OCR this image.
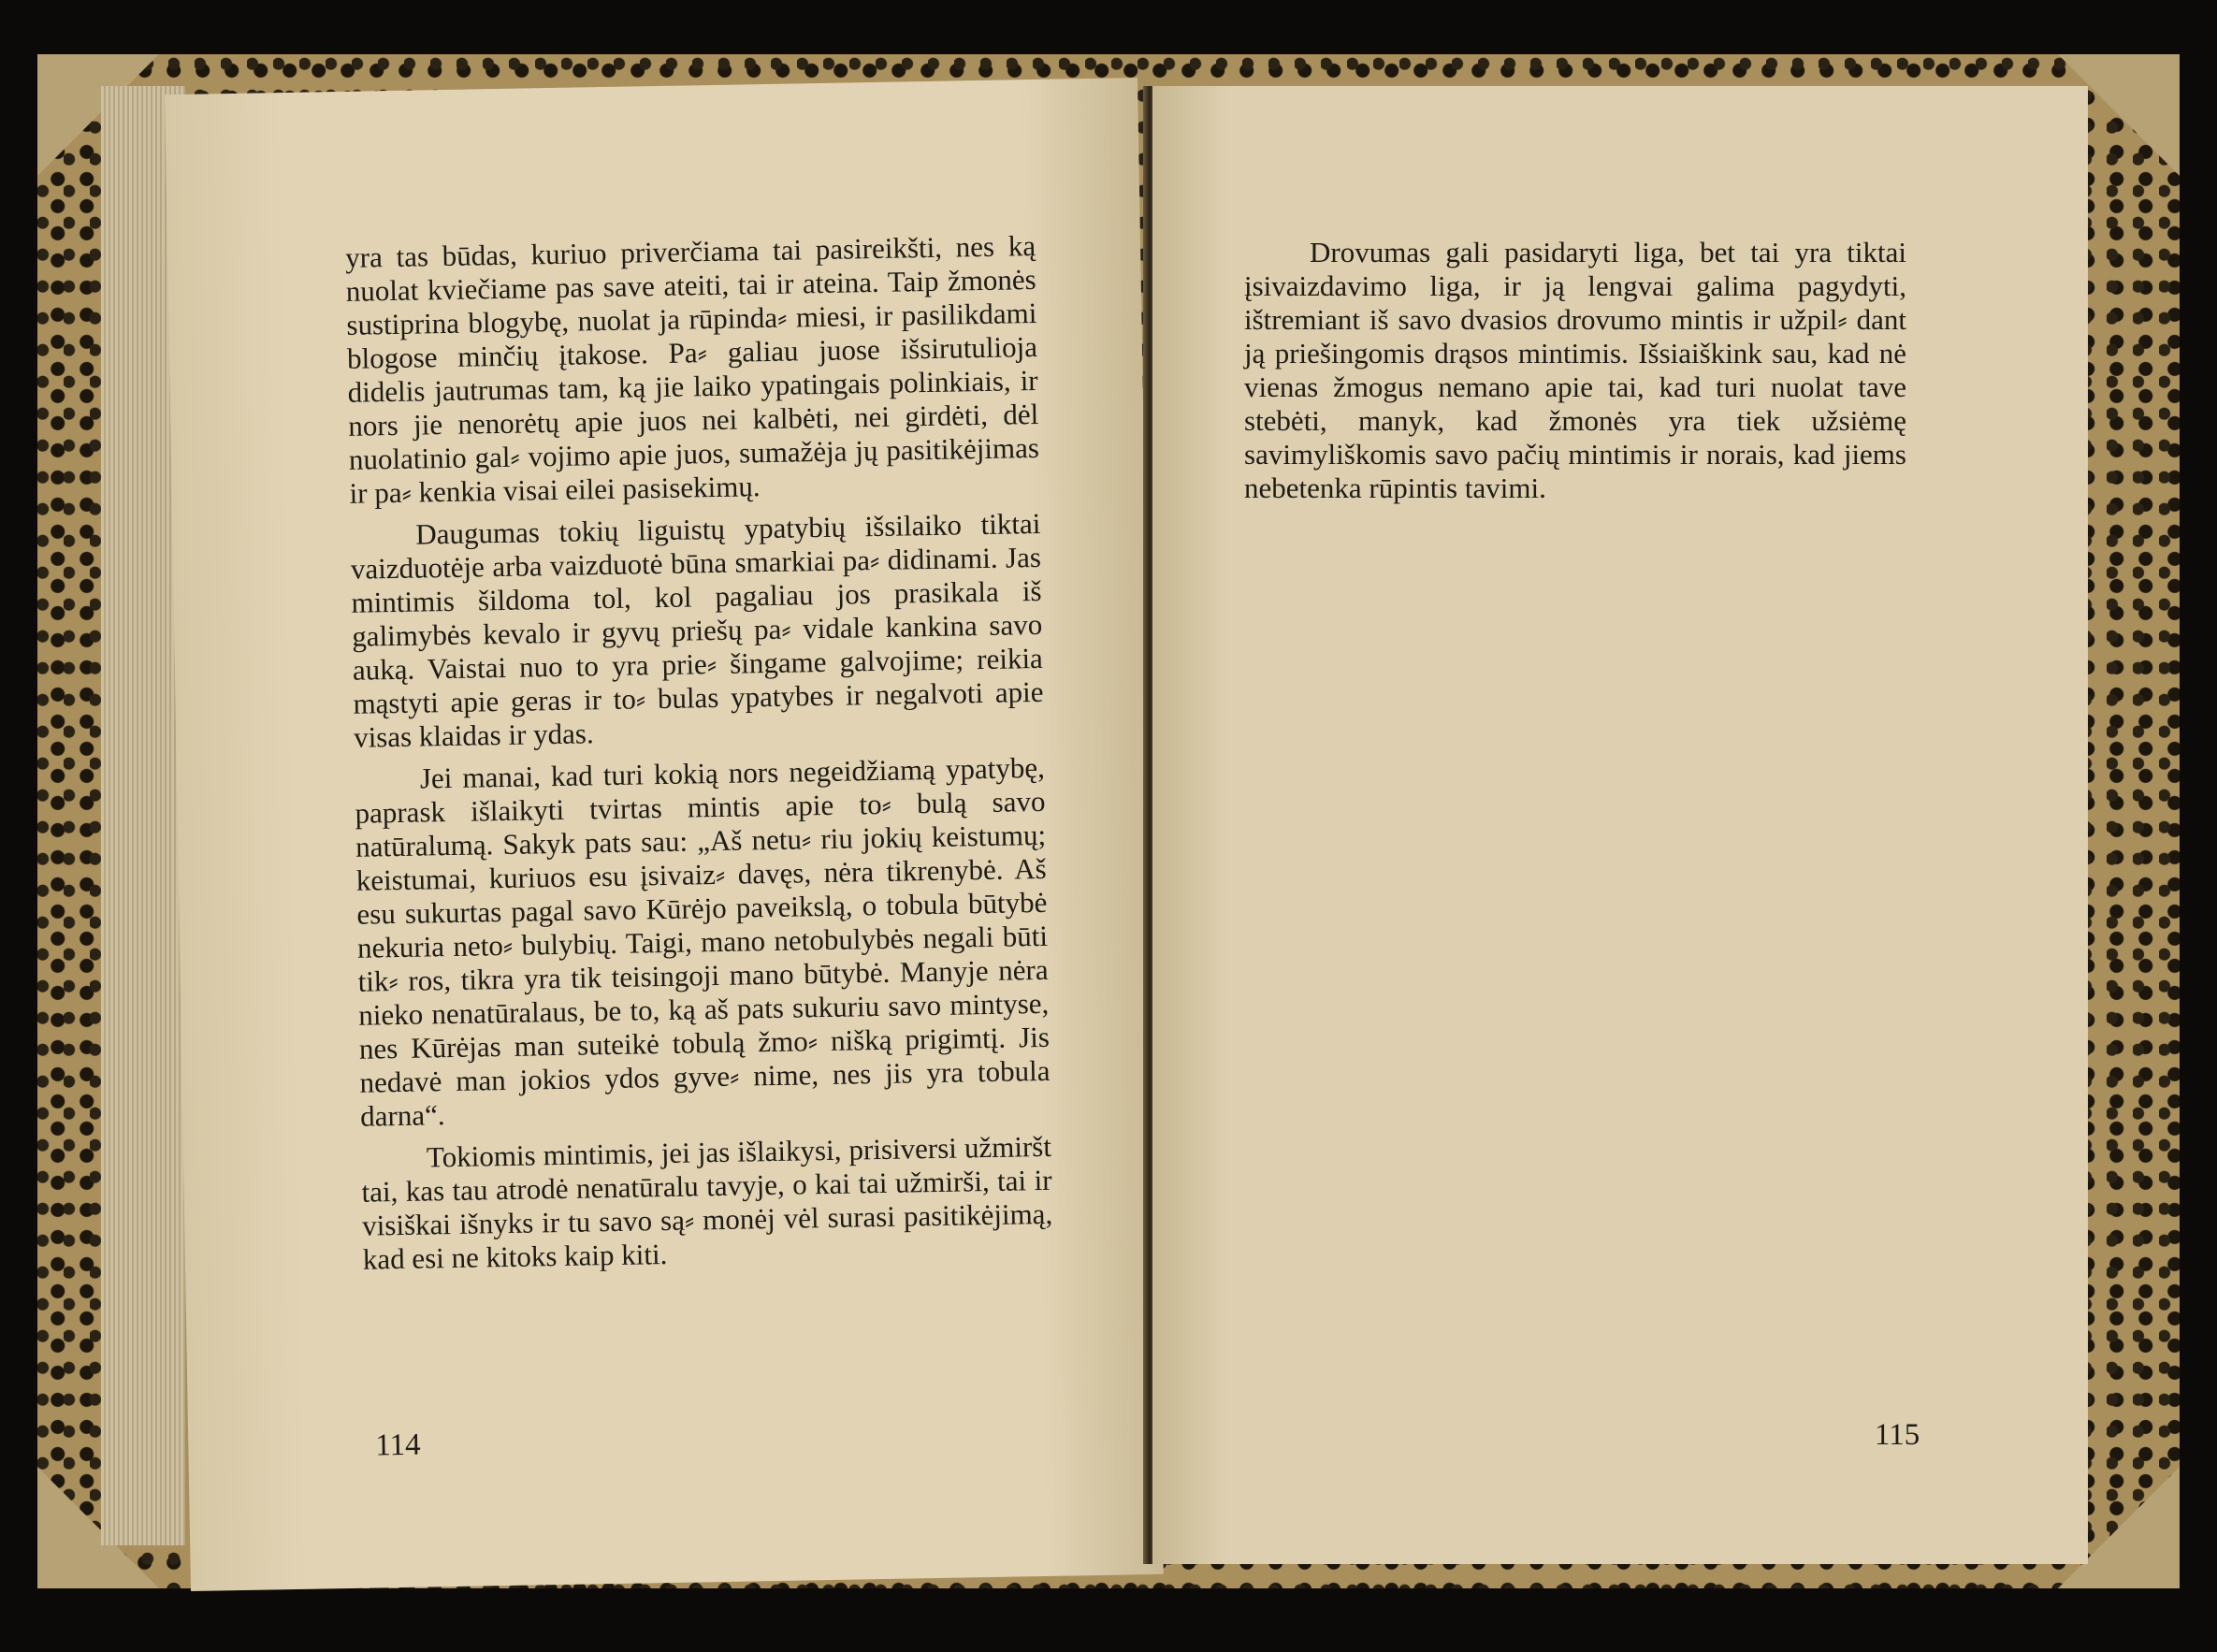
yra tas būdas, kuriuo priverčiama tai pasireikšti, nes ką nuolat kviečiame pas save ateiti, tai ir ateina. Taip žmonės sustiprina blogybę, nuolat ja rūpinda⸗ miesi, ir pasilikdami blogose minčių įtakose. Pa⸗ galiau juose išsirutulioja didelis jautrumas tam, ką jie laiko ypatingais polinkiais, ir nors jie nenorėtų apie juos nei kalbėti, nei girdėti, dėl nuolatinio gal⸗ vojimo apie juos, sumažėja jų pasitikėjimas ir pa⸗ kenkia visai eilei pasisekimų.

Daugumas tokių liguistų ypatybių išsilaiko tiktai vaizduotėje arba vaizduotė būna smarkiai pa⸗ didinami. Jas mintimis šildoma tol, kol pagaliau jos prasikala iš galimybės kevalo ir gyvų priešų pa⸗ vidale kankina savo auką. Vaistai nuo to yra prie⸗ šingame galvojime; reikia mąstyti apie geras ir to⸗ bulas ypatybes ir negalvoti apie visas klaidas ir ydas.

Jei manai, kad turi kokią nors negeidžiamą ypatybę, paprask išlaikyti tvirtas mintis apie to⸗ bulą savo natūralumą. Sakyk pats sau: „Aš netu⸗ riu jokių keistumų; keistumai, kuriuos esu įsivaiz⸗ davęs, nėra tikrenybė. Aš esu sukurtas pagal savo Kūrėjo paveikslą, o tobula būtybė nekuria neto⸗ bulybių. Taigi, mano netobulybės negali būti tik⸗ ros, tikra yra tik teisingoji mano būtybė. Manyje nėra nieko nenatūralaus, be to, ką aš pats sukuriu savo mintyse, nes Kūrėjas man suteikė tobulą žmo⸗ nišką prigimtį. Jis nedavė man jokios ydos gyve⸗ nime, nes jis yra tobula darna“.

Tokiomis mintimis, jei jas išlaikysi, prisiversi užmiršt tai, kas tau atrodė nenatūralu tavyje, o kai tai užmirši, tai ir visiškai išnyks ir tu savo są⸗ monėj vėl surasi pasitikėjimą, kad esi ne kitoks kaip kiti.

114

Drovumas gali pasidaryti liga, bet tai yra tiktai įsivaizdavimo liga, ir ją lengvai galima pagydyti, ištremiant iš savo dvasios drovumo mintis ir užpil⸗ dant ją priešingomis drąsos mintimis. Išsiaiškink sau, kad nė vienas žmogus nemano apie tai, kad turi nuolat tave stebėti, manyk, kad žmonės yra tiek užsiėmę savimyliškomis savo pačių mintimis ir norais, kad jiems nebetenka rūpintis tavimi.

115
